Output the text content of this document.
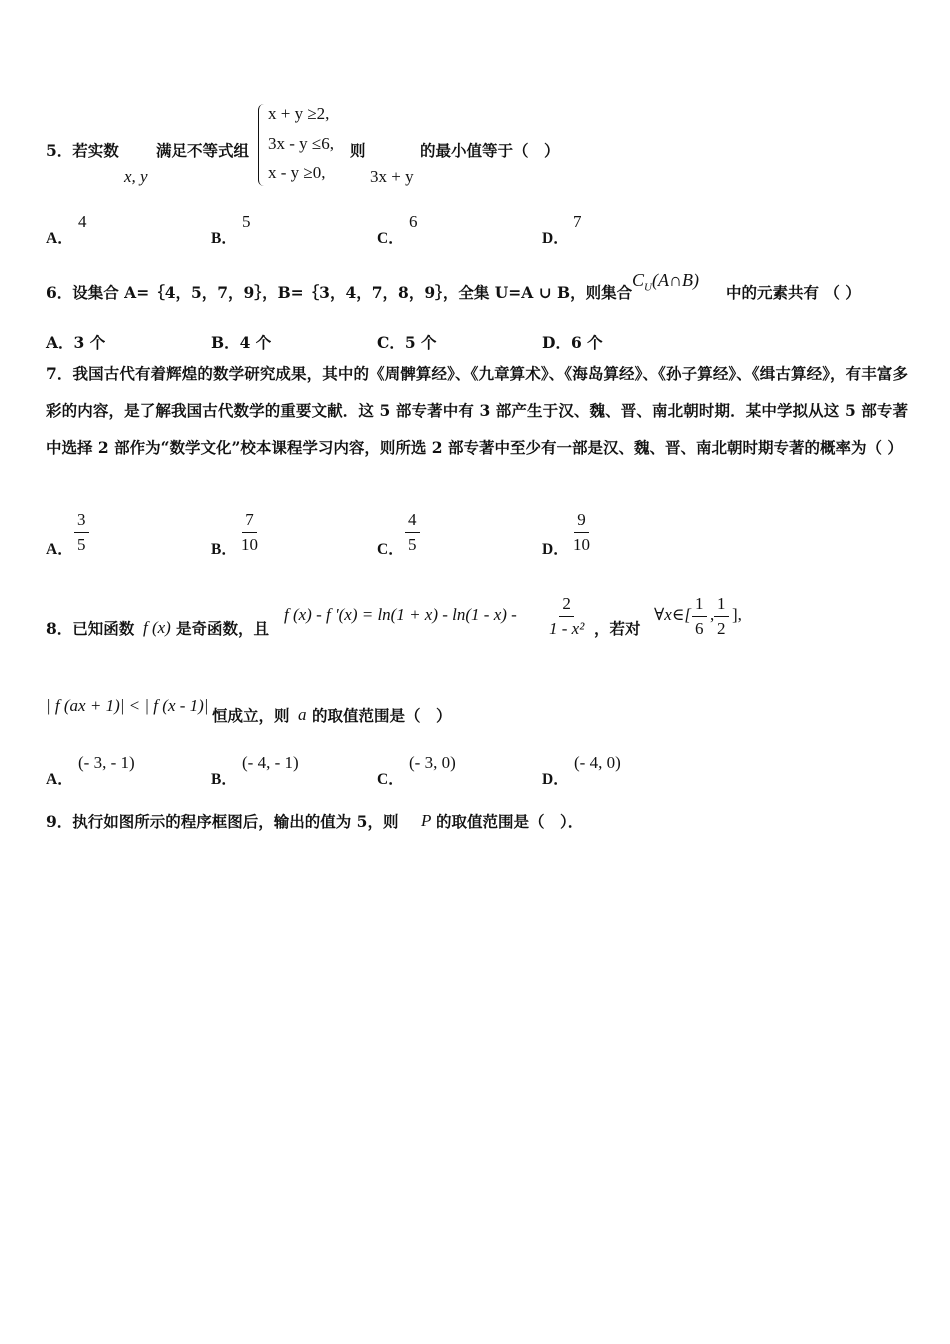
5．若实数
x, y
满足不等式组
x + y ≥2,
3x - y ≤6,
x - y ≥0,
则
3x + y
的最小值等于（　）
A．
4
B．
5
C．
6
D．
7
6．设集合 A=｛4，5，7，9｝，B=｛3，4，7，8，9｝，全集 U=A ∪ B，则集合
$C_U(A\cap B)$
中的元素共有 （ ）
A．3 个	B．4 个	C．5 个	D．6 个
7．我国古代有着辉煌的数学研究成果，其中的《周髀算经》、《九章算术》、《海岛算经》、《孙子算经》、《缉古算经》，有丰富多彩的内容，是了解我国古代数学的重要文献．这 5 部专著中有 3 部产生于汉、魏、晋、南北朝时期．某中学拟从这 5 部专著中选择 2 部作为“数学文化”校本课程学习内容，则所选 2 部专著中至少有一部是汉、魏、晋、南北朝时期专著的概率为（ ）
A． $\frac{3}{5}$	B． $\frac{7}{10}$	C． $\frac{4}{5}$	D． $\frac{9}{10}$
8．已知函数 f (x) 是奇函数，且
f (x) - f '$(x) = \ln(1 + x) - \ln(1 - x) - \frac{2}{\text{1 - x²}}$ ，若对
∀x∈[ $\frac{1}{6}$ , $\frac{1}{2}$ ],
| f (ax + 1)| < | f (x - 1)|
恒成立，则 a 的取值范围是（　）
A．
(- 3, - 1)
B．
(- 4, - 1)
C．
(- 3, 0)
D．
(- 4, 0)
9．执行如图所示的程序框图后，输出的值为 5，则 P 的取值范围是（　）．
